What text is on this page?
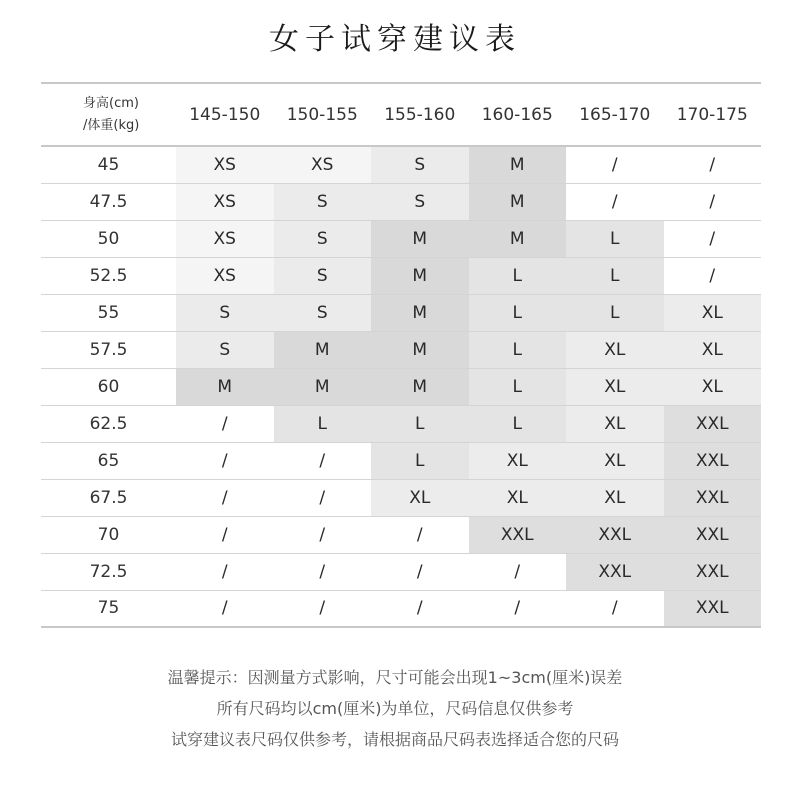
女子试穿建议表
身高(cm)
/体重(kg)	145-150	150-155	155-160	160-165	165-170	170-175
45	XS	XS	S	M	/	/
47.5	XS	S	S	M	/	/
50	XS	S	M	M	L	/
52.5	XS	S	M	L	L	/
55	S	S	M	L	L	XL
57.5	S	M	M	L	XL	XL
60	M	M	M	L	XL	XL
62.5	/	L	L	L	XL	XXL
65	/	/	L	XL	XL	XXL
67.5	/	/	XL	XL	XL	XXL
70	/	/	/	XXL	XXL	XXL
72.5	/	/	/	/	XXL	XXL
75	/	/	/	/	/	XXL

温馨提示：因测量方式影响，尺寸可能会出现1~3cm(厘米)误差

所有尺码均以cm(厘米)为单位，尺码信息仅供参考

试穿建议表尺码仅供参考，请根据商品尺码表选择适合您的尺码
